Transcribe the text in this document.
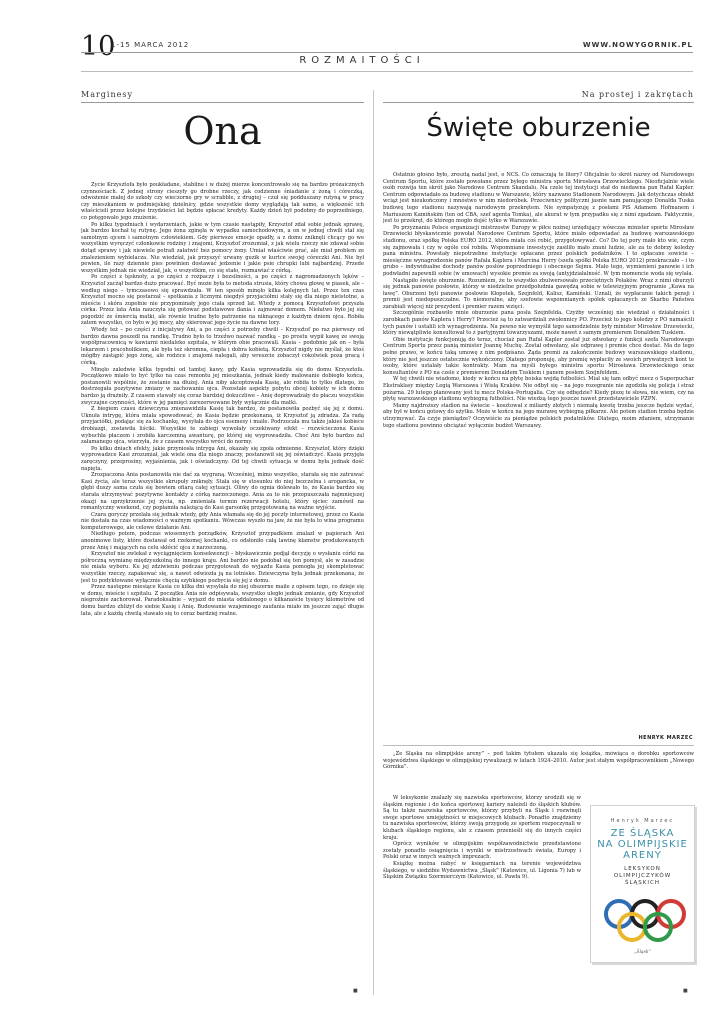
10
1-15 MARCA 2012	WWW.NOWYGORNIK.PL
ROZMAITOŚCI
Marginesy
Ona

Życie Krzysztofa było poukładane, stabilne i w dużej mierze koncentrowało się na bardzo prozaicznych czynnościach. Z jednej strony cieszyły go drobne rzeczy, jak codzienne śniadanie z żoną i córeczką, odwożenie małej do szkoły czy wieczorne gry w scrabble, z drugiej – czuł się podduszany rutyną w pracy czy mieszkaniem w podmiejskiej dzielnicy, gdzie wszystkie domy wyglądają tak samo, a większość ich właścicieli przez kolejne trzydzieści lat będzie spłacać kredyty. Każdy dzień był podobny do poprzedniego, co potęgowało jego znużenie.

Po kilku tygodniach i wydarzeniach, jakie w tym czasie nastąpiły, Krzysztof zdał sobie jednak sprawę, jak bardzo kochał tę rutynę. Jego żona zginęła w wypadku samochodowym, a on w jednej chwili stał się samotnym ojcem i samotnym człowiekiem. Gdy pierwsze emocje opadły, a z domu zniknęli chcący go we wszystkim wyręczyć członkowie rodziny i znajomi, Krzysztof zrozumiał, z jak wielu rzeczy nie zdawał sobie dotąd sprawy i jak niewiele potrafi załatwić bez pomocy żony. Umiał właściwie prać, ale miał problem ze znalezieniem wybielacza. Nie wiedział, jak przyszyć urwany guzik w kurtce swojej córeczki Ani. Nie był pewien, ile razy dziennie pies powinien dostawać jedzenie i jakie psie chrupki lubi najbardziej. Przede wszystkim jednak nie wiedział, jak, o wszystkim, co się stało, rozmawiać z córką.

Po części z tęsknoty, a po części z rozpaczy i bezsilności, a po części z nagromadzonych lęków – Krzysztof zaczął bardzo dużo pracować. Być może była to metoda strusia, który chowa głowę w piasek, ale – według niego – tymczasowo się sprawdzała. W ten sposób minęło kilka kolejnych lat. Przez ten czas Krzysztof mocno się postarzał – spotkania z licznymi niegdyś przyjaciółmi stały się dla niego nieistotne, a mieście i skóra zupełnie nie przypominały jego ciała sprzed lat. Wtedy z pomocą Krzysztofowi przyszła córka. Przez lata Ania nauczyła się gotować podstawowe dania i zajmować domem. Niełatwo było jej się pogodzić ze śmiercią matki, ale równie trudne było patrzenie na niknącego z każdym dniem ojca. Robiła zatem wszystko, co było w jej mocy, aby skierować jego życie na dawne tory.

Wtedy też – po części z inicjatywy Ani, a po części z potrzeby chwili – Krzysztof po raz pierwszy od bardzo dawna poszedł na randkę. Trudno było to trzeźwo nazwać randką – po prostu wypił kawę ze swoją współpracownicą w kawiarni niedaleko szpitala, w którym obie pracowali. Kasia – podobnie jak on – była lekarzem i pracoholikiem, ale była też skromna, ciepła i dobra kobietą. Krzysztof nigdy nie myślał, że ktoś mógłby zastąpić jego żonę, ale rodzice i znajomi nalegali, aby wreszcie zobaczył cokolwiek poza pracą i córką.

Minęło zaledwie kilka tygodni od tamtej kawy, gdy Kasia wprowadziła się do domu Krzysztofa. Początkowo miało to być tylko na czas remontu jej mieszkania, jednak kiedy malowanie dobiegło końca, postanowili wspólnie, że zostanie na dłużej. Ania niby akceptowała Kasię, ale robiła to tylko dlatego, że dostrzegała pozytywne zmiany w zachowaniu ojca. Pozostałe aspekty pobytu obcej kobiety w ich domu bardzo ją drażniły. Z czasem stawały się coraz bardziej dokuczliwe – Anię doprowadzały do płaczu wszystkie zwyczajne czynności, które w jej pamięci zarezerwowane były wyłącznie dla matki.

Z biegiem czasu dziewczyna znienawidziła Kasię tak bardzo, że postanowiła pozbyć się jej z domu. Uknuła intrygę, która miała spowodować, że Kasia będzie przekonana, iż Krzysztof ją zdradza. Za radą przyjaciółki, podając się za kochankę, wysyłała do ojca esemesy i maile. Podrzucała mu także jakieś kobiece drobiazgi, zostawiła liściki. Wszystkie te zabiegi wywołały oczekiwany efekt – rozwścieczona Kasia wybuchła płaczem i zrobiła karczemną awanturę, po której się wyprowadziła. Choć Ani było bardzo żal załamanego ojca, wierzyła, że z czasem wszystko wróci do normy.

Po kilku dniach efekty, jakie przyniosła intryga Ani, okazały się zgoła odmienne. Krzysztof, który dzięki wyprowadzce Kasi zrozumiał, jak wiele ona dla niego znaczy, postanowił się jej oświadczyć. Kasia przyjęła zaręczyny, przeprosiny, wyjaśnienia, jak i oświadczyny. Od tej chwili sytuacja w domu była jednak dość napięta.

Zrozpaczona Ania postanowiła nie dać za wygraną. Wcześniej, mimo wszystko, starała się nie zatruwać Kasi życia, ale teraz wszystkie skrupuły zniknęły. Stała się w stosunku do niej bezczelna i arogancka, w głębi duszy sama czuła się bowiem ofiarą całej sytuacji. Oliwy do ognia dolewało to, że Kasia bardzo się starała utrzymywać pozytywne kontakty z córką narzeczonego. Ania za to nie przepuszczała najmniejszej okazji na uprzykrzenie jej życia, np. zmieniała termin rezerwacji hotelu, który ojciec zamówił na romantyczny weekend, czy poplamiła należącą do Kasi garsonkę przygotowaną na ważne wyjście.

Czara goryczy przelała się jednak wtedy, gdy Ania włamała się do jej poczty internetowej, przez co Kasia nie dostała na czas wiadomości o ważnym spotkaniu. Wówczas wyszło na jaw, że nie była to wina programu komputerowego, ale celowe działanie Ani.

Niedługo potem, podczas wiosennych porządków, Krzysztof przypadkiem znalazł w papierach Ani anonimowe listy, które dostawał od rzekomej kochanki, co odsłoniło całą lawinę kłamstw produkowanych przez Anię i mających na celu skłócić ojca z narzeczoną.

Krzysztof nie zwlekał z wyciągnięciem konsekwencji – błyskawicznie podjął decyzję o wysłaniu córki na półroczną wymianę międzyszkolną do innego kraju. Ani bardzo nie podobał się ten pomysł, ale w zasadzie nie miała wyboru. Ku jej zdziwieniu podczas przygotowań do wyjazdu Kasia pomogła jej skompletować wszystkie rzeczy, zapakować się, a nawet odwiozła ją na lotnisko. Dziewczyna była jednak przekonana, że jest to podyktowane wyłącznie chęcią szybkiego pozbycia się jej z domu.

Przez następne miesiące Kasia co kilka dni wysyłała do niej obszerne maile z opisem tego, co dzieje się w domu, mieście i szpitalu. Z początku Ania nie odpisywała, wszystko uległo jednak zmianie, gdy Krzysztof niegroźnie zachorował. Paradoksalnie – wyjazd do miasta oddalonego o kilkanaście tysięcy kilometrów od domu bardzo zbliżył do siebie Kasię i Anię. Budowanie wzajemnego zaufania miało im jeszcze zająć długie lata, ale z każdą chwilą stawało się to coraz bardziej realne.

■
Na prostej i zakrętach
Święte oburzenie

Ostatnio głośno było, zresztą nadal jest, o NCS. Co oznaczają te litery? Oficjalnie to skrót nazwy od Narodowego Centrum Sportu, które zostało powołane przez byłego ministra sportu Mirosława Drzewieckiego. Nieoficjalnie wiele osób rozwija ten skrót jako Narodowe Centrum Skandalu. Na czele tej instytucji stał do niedawna pan Rafał Kapler. Centrum odpowiadało za budowę stadionu w Warszawie, który nazwano Stadionem Narodowym. Jak dotychczas obiekt wciąż jest nieukończony i mnóstwo w nim niedoróbek. Przeciwnicy polityczni jasnie nam panującego Donalda Tuska budowę tego stadionu nazywają narodowym przekrętem. Nie sympatyzuję z posłami PiS Adamem Hofmanem i Mariuszem Kamińskim (ten od CBA, szef agenta Tomka), ale akurat w tym przypadku się z nimi zgadzam. Faktycznie, jest to przekręt, do którego mogło dojść tylko w Warszawie.

Po przyznaniu Polsce organizacji mistrzostw Europy w piłce nożnej urzędujący wówczas minister sportu Mirosław Drzewiecki błyskawicznie powołał Narodowe Centrum Sportu, które miało odpowiadać za budowę warszawskiego stadionu, oraz spółkę Polska EURO 2012, która miała coś robić, przygotowywać. Co? Do tej pory mało kto wie, czym się zajmowała i czy w ogóle coś robiła. Wspomniane inwestycje zasiliło mało znani ludzie, ale za to dobrzy koledzy pana ministra. Powstały niepotrzebne instytucje opłacane przez polskich podatników. I to opłacane sowicie – miesięczne wynagrodzenie panów Rafała Kaplera i Marcina Herry (szefa spółki Polska EURO 2012) przekraczało – i to grubo – indywidualne dochody panów posłów poprzedniego i obecnego Sejmu. Mało tego, wymienieni panowie i ich podwładni zapewnili sobie (w umowach) wysokie premie za swoją (antyjdziałalność. W tym momencie woda się wylała.

Nastąpiło święte oburzenie. Rozumiem, że to wszystko zbulwersowało przeciętnych Polaków. Wraz z nimi oburzyli się jednak panowie posłowie, którzy w niedzielne przedpołudnia gawędzą sobie w telewizyjnym programie „Kawa na ławę”. Oburzeni byli panowie posłowie Kłopotek, Szejnfeld, Kalisz, Kamiński. Uznali, że wypłacanie takich pensji i premii jest niedopuszczalne. To niemoralne, aby szefowie wspomnianych spółek opłacanych ze Skarbu Państwa zarabiali więcej niż prezydent i premier razem wzięci.

Szczególnie rozbawiło mnie oburzenie pana posła Szejnfelda. Czyżby wcześniej nie wiedział o działalności i zarobkach panów Kaplera i Herry? Przecież są to zatwardziali zwolennicy PO. Przecież to jego koledzy z PO namaścili tych panów i ustalili ich wynagrodzenia. Na pewno nie wymyślił tego samodzielnie były minister Mirosław Drzewiecki, który niewątpliwie konsultował to z partyjnymi towarzyszami, może nawet z samym premierem Donaldem Tuskiem.

Obie instytucje funkcjonują do teraz, chociaż pan Rafał Kapler został już odwołany z funkcji szefa Narodowego Centrum Sportu przez panią minister Joannę Muchę. Został odwołany, ale odprawę i premie chce dostać. Ma do tego pełne prawo, w końcu taką umowę z nim podpisano. Żąda premii za zakończenie budowy warszawskiego stadionu, który nie jest jeszcze ostatecznie wykończony. Dlatego proponuję, aby premię wypłaciły ze swoich prywatnych kont te osoby, które ustalały takie kontrakty. Mam na myśli byłego ministra sportu Mirosława Drzewieckiego oraz konsultantów z PO na czele z premierem Donaldem Tuskiem i panem posłem Szejnfeldem.

W tej chwili nie wiadomo, kiedy w końcu na płytę boiska wejdą futboliści. Miał się tam odbyć mecz o Superpuchar Ekstraklasy między Legią Warszawa i Wisłą Kraków. Nie odbył się – na jego rozegranie nie zgodziła się policja i straż pożarna. 29 lutego planowany jest tu mecz Polska–Portugalia. Czy się odbędzie? Kiedy piszę te słowa, nie wiem, czy na płytę warszawskiego stadionu wybiegną futboliści. Nie wiedzą tego jeszcze nawet przedstawiciele PZPN.

Mamy najdroższy stadion na świecie – kosztował z miliardy złotych i niemałą kwotę trzeba jeszcze będzie wydać, aby był w końcu gotowy do użytku. Może w końcu na jego murawę wybiegną piłkarze. Ale potem stadion trzeba będzie utrzymywać. Za czyje pieniądze? Oczywiście za pieniądze polskich podatników. Dlatego, moim zdaniem, utrzymanie tego stadionu powinno obciążać wyłącznie budżet Warszawy.

HENRYK MARZEC

„Ze Śląska na olimpijskie areny” – pod takim tytułem ukazała się książka, mówiąca o dorobku sportowców województwa śląskiego w olimpijskiej rywalizacji w latach 1924–2010. Autor jest stałym współpracownikiem „Nowego Górnika”.

W leksykonie znalazły się nazwiska sportowców, którzy urodzili się w śląskim regionie i do końca sportowej kariery należeli do śląskich klubów. Są tu także nazwiska sportowców, którzy przybyli na Śląsk i rozwinęli swoje sportowe umiejętności w miejscowych klubach. Ponadto znajdziemy tu nazwiska sportowców, którzy swoją przygodę ze sportem rozpoczynali w klubach śląskiego regionu, ale z czasem przenieśli się do innych części kraju.

Oprócz wyników w olimpijskim współzawodnictwie przedstawione zostały ponadto osiągnięcia i wyniki w mistrzostwach świata, Europy i Polski oraz w innych ważnych imprezach.

Książkę można nabyć w księgarniach na terenie województwa śląskiego, w siedzibie Wydawnictwa „Śląsk” (Katowice, ul. Ligonia 7) lub w Śląskim Związku Szermierczym (Katowice, ul. Pawła 9).

■
Henryk Marzec
ZE ŚLĄSKA
NA OLIMPIJSKIE
ARENY
LEKSYKON
OLIMPIJCZYKÓW
ŚLĄSKICH
„Śląsk”
